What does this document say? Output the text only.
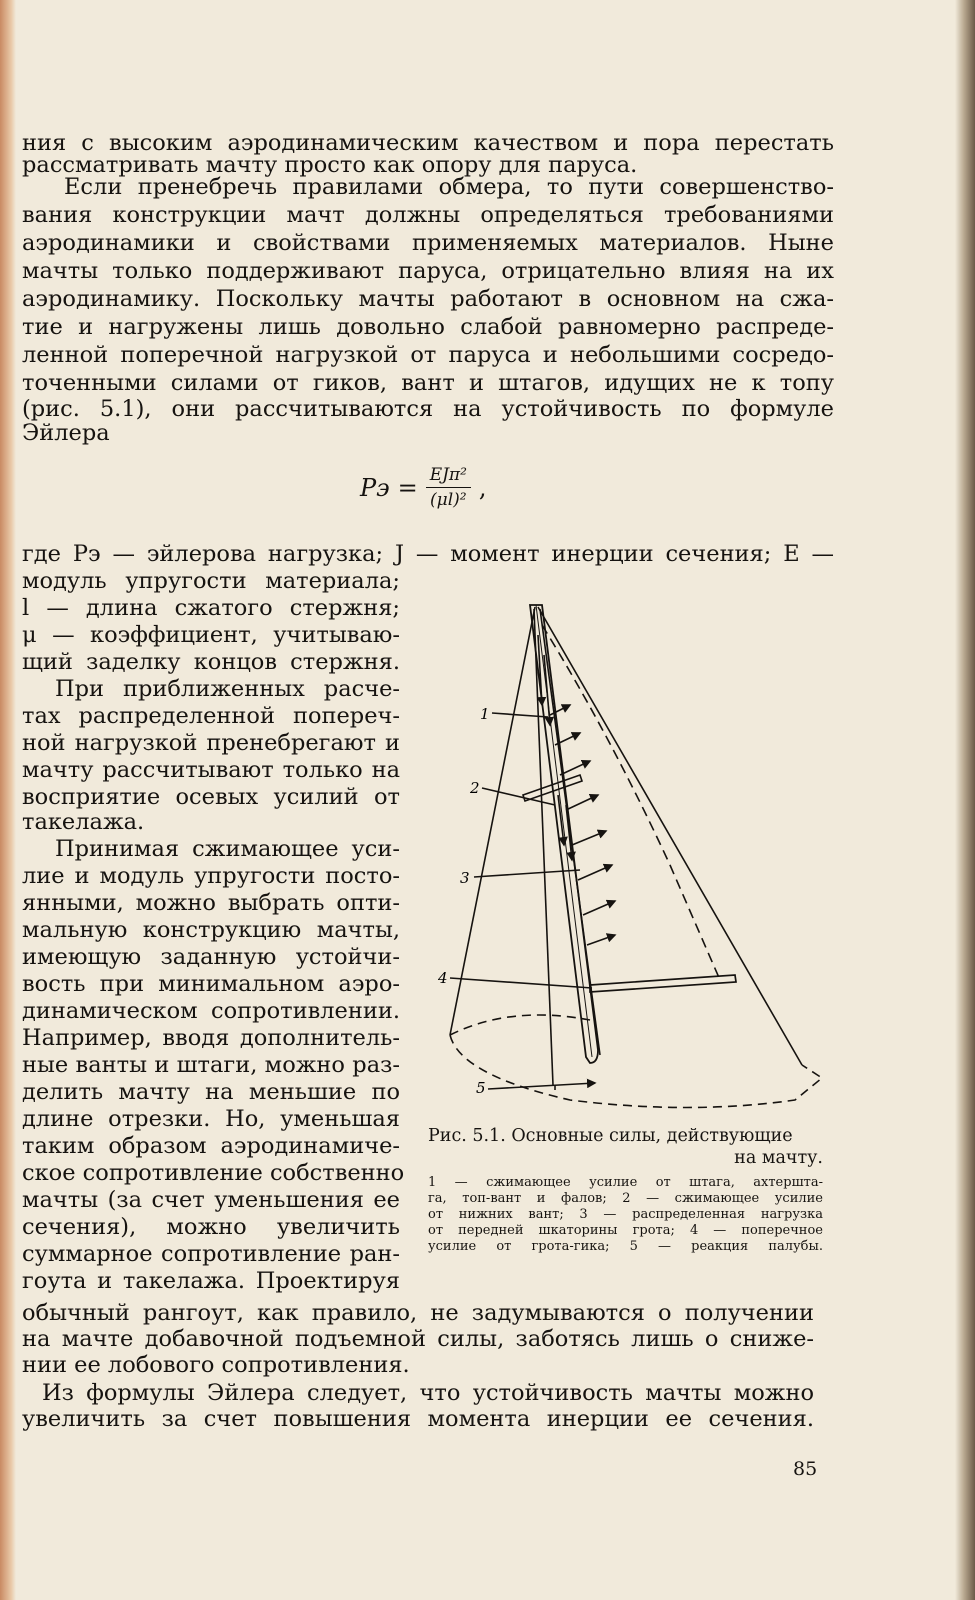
ния с высоким аэродинамическим качеством и пора перестать
рассматривать мачту просто как опору для паруса.
Если пренебречь правилами обмера, то пути совершенство-
вания конструкции мачт должны определяться требованиями
аэродинамики и свойствами применяемых материалов. Ныне
мачты только поддерживают паруса, отрицательно влияя на их
аэродинамику. Поскольку мачты работают в основном на сжа-
тие и нагружены лишь довольно слабой равномерно распреде-
ленной поперечной нагрузкой от паруса и небольшими сосредо-
точенными силами от гиков, вант и штагов, идущих не к топу
(рис. 5.1), они рассчитываются на устойчивость по формуле
Эйлера
Pэ = $\frac{\text{EJπ²}}{\text{(μl)²}}$ ,
где Pэ — эйлерова нагрузка; J — момент инерции сечения; E —
модуль упругости материала;
l — длина сжатого стержня;
μ — коэффициент, учитываю-
щий заделку концов стержня.
При приближенных расче-
тах распределенной попереч-
ной нагрузкой пренебрегают и
мачту рассчитывают только на
восприятие осевых усилий от
такелажа.
Принимая сжимающее уси-
лие и модуль упругости посто-
янными, можно выбрать опти-
мальную конструкцию мачты,
имеющую заданную устойчи-
вость при минимальном аэро-
динамическом сопротивлении.
Например, вводя дополнитель-
ные ванты и штаги, можно раз-
делить мачту на меньшие по
длине отрезки. Но, уменьшая
таким образом аэродинамиче-
ское сопротивление собственно
мачты (за счет уменьшения ее
сечения), можно увеличить
суммарное сопротивление ран-
гоута и такелажа. Проектируя
1
2
3
4
5
Рис. 5.1. Основные силы, действующие
на мачту.
1 — сжимающее усилие от штага, ахтершта-
га, топ-вант и фалов; 2 — сжимающее усилие
от нижних вант; 3 — распределенная нагрузка
от передней шкаторины грота; 4 — поперечное
усилие от грота-гика; 5 — реакция палубы.
обычный рангоут, как правило, не задумываются о получении
на мачте добавочной подъемной силы, заботясь лишь о сниже-
нии ее лобового сопротивления.
Из формулы Эйлера следует, что устойчивость мачты можно
увеличить за счет повышения момента инерции ее сечения.
85
